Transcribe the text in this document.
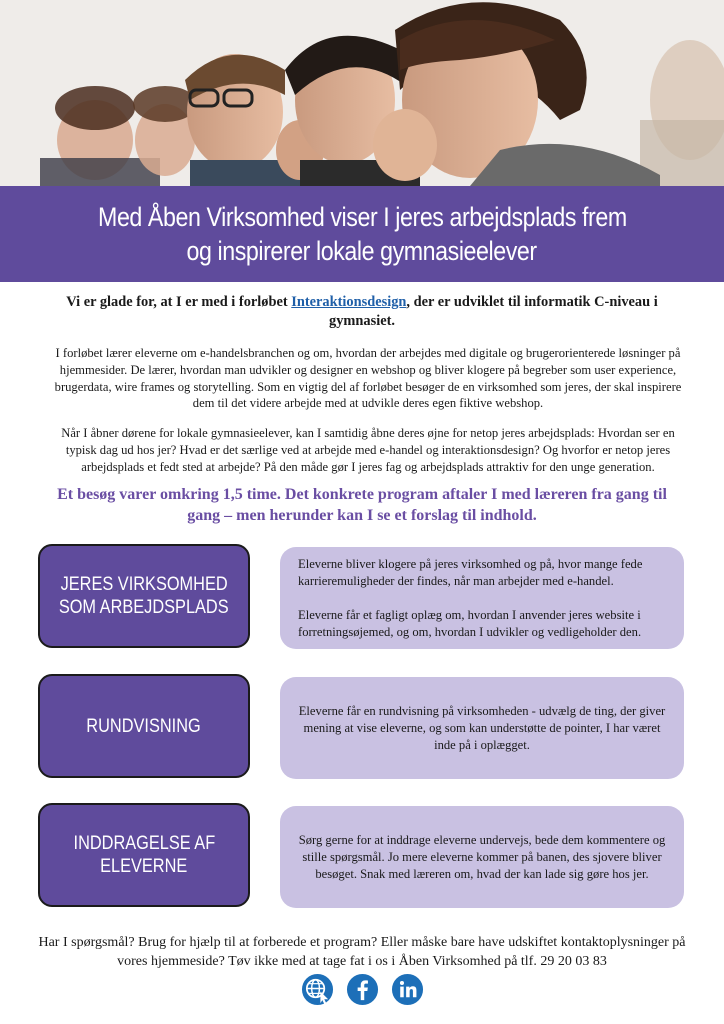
Med Åben Virksomhed viser I jeres arbejdsplads frem
og inspirerer lokale gymnasieelever
Vi er glade for, at I er med i forløbet Interaktionsdesign, der er udviklet til informatik C-niveau i gymnasiet.
I forløbet lærer eleverne om e-handelsbranchen og om, hvordan der arbejdes med digitale og brugerorienterede løsninger på hjemmesider. De lærer, hvordan man udvikler og designer en webshop og bliver klogere på begreber som user experience, brugerdata, wire frames og storytelling. Som en vigtig del af forløbet besøger de en virksomhed som jeres, der skal inspirere dem til det videre arbejde med at udvikle deres egen fiktive webshop.
Når I åbner dørene for lokale gymnasieelever, kan I samtidig åbne deres øjne for netop jeres arbejdsplads: Hvordan ser en typisk dag ud hos jer? Hvad er det særlige ved at arbejde med e-handel og interaktionsdesign? Og hvorfor er netop jeres arbejdsplads et fedt sted at arbejde? På den måde gør I jeres fag og arbejdsplads attraktiv for den unge generation.
Et besøg varer omkring 1,5 time. Det konkrete program aftaler I med læreren fra gang til gang – men herunder kan I se et forslag til indhold.
JERES VIRKSOMHED
SOM ARBEJDSPLADS

Eleverne bliver klogere på jeres virksomhed og på, hvor mange fede karrieremuligheder der findes, når man arbejder med e-handel.

Eleverne får et fagligt oplæg om, hvordan I anvender jeres website i forretningsøjemed, og om, hvordan I udvikler og vedligeholder den.

RUNDVISNING

Eleverne får en rundvisning på virksomheden - udvælg de ting, der giver mening at vise eleverne, og som kan understøtte de pointer, I har været inde på i oplægget.

INDDRAGELSE AF
ELEVERNE

Sørg gerne for at inddrage eleverne undervejs, bede dem kommentere og stille spørgsmål. Jo mere eleverne kommer på banen, des sjovere bliver besøget. Snak med læreren om, hvad der kan lade sig gøre hos jer.

Har I spørgsmål? Brug for hjælp til at forberede et program? Eller måske bare have udskiftet kontaktoplysninger på vores hjemmeside? Tøv ikke med at tage fat i os i Åben Virksomhed på tlf. 29 20 03 83
